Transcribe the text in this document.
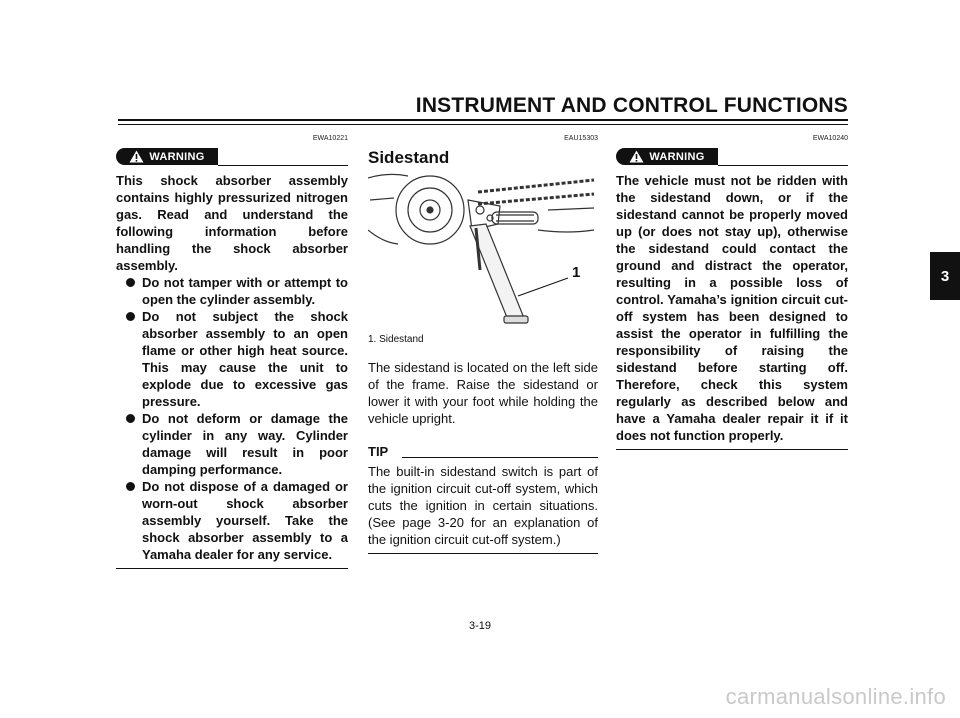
INSTRUMENT AND CONTROL FUNCTIONS
3
EWA10221
WARNING
This shock absorber assembly contains highly pressurized nitrogen gas. Read and understand the following information before handling the shock absorber assembly.
Do not tamper with or attempt to open the cylinder assembly.
Do not subject the shock absorber assembly to an open flame or other high heat source. This may cause the unit to explode due to excessive gas pressure.
Do not deform or damage the cylinder in any way. Cylinder damage will result in poor damping performance.
Do not dispose of a damaged or worn-out shock absorber assembly yourself. Take the shock absorber assembly to a Yamaha dealer for any service.
EAU15303
Sidestand
1
1. Sidestand
The sidestand is located on the left side of the frame. Raise the sidestand or lower it with your foot while holding the vehicle upright.
TIP
The built-in sidestand switch is part of the ignition circuit cut-off system, which cuts the ignition in certain situations. (See page 3-20 for an explanation of the ignition circuit cut-off system.)
EWA10240
WARNING
The vehicle must not be ridden with the sidestand down, or if the sidestand cannot be properly moved up (or does not stay up), otherwise the sidestand could contact the ground and distract the operator, resulting in a possible loss of control. Yamaha’s ignition circuit cut-off system has been designed to assist the operator in fulfilling the responsibility of raising the sidestand before starting off. Therefore, check this system regularly as described below and have a Yamaha dealer repair it if it does not function properly.
3-19
carmanualsonline.info
